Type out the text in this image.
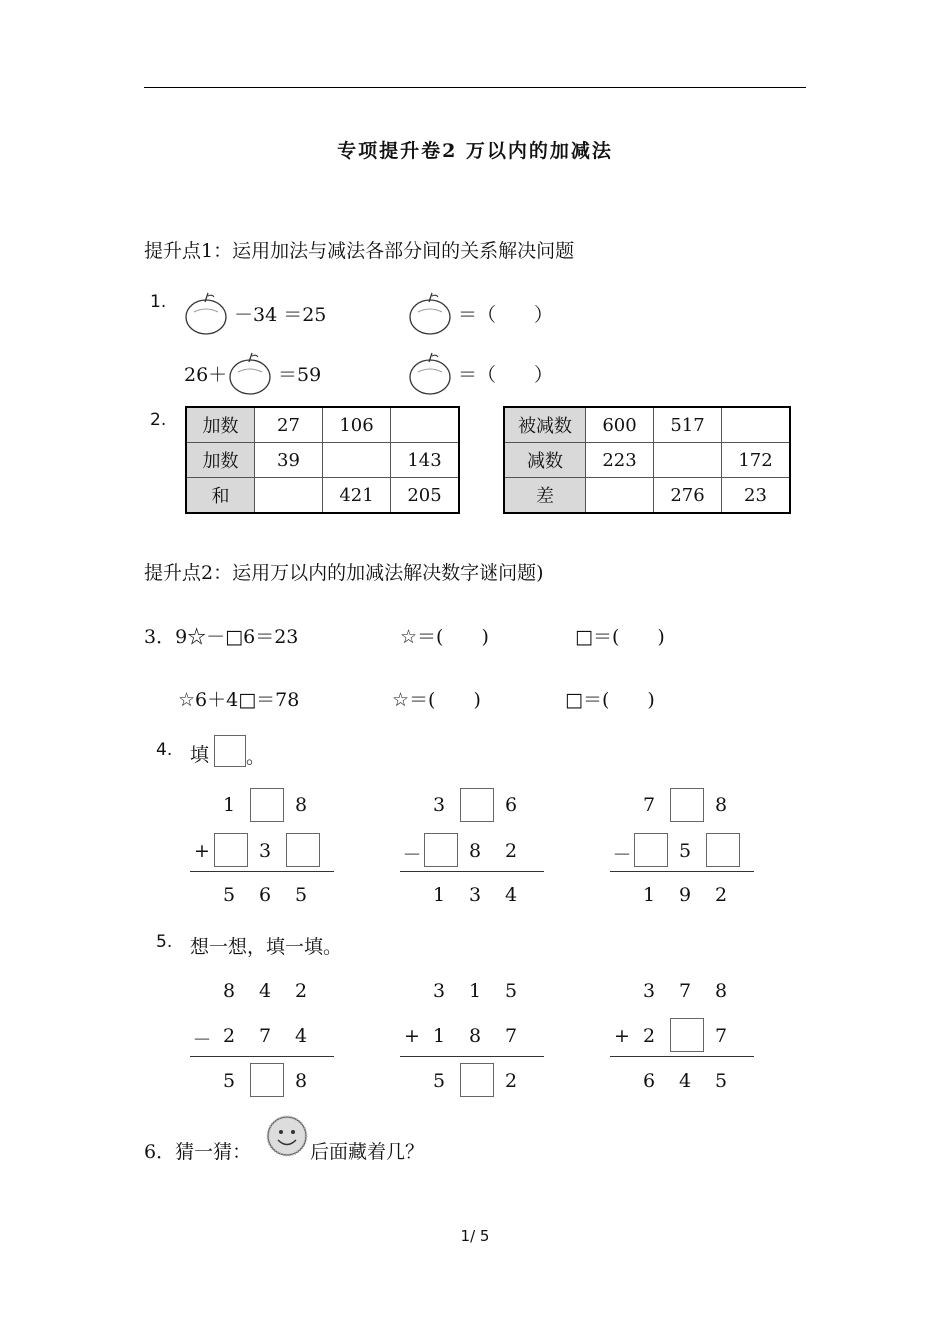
专项提升卷2 万以内的加减法
提升点1：运用加法与减法各部分间的关系解决问题
1.
－34 ＝25	＝（　　）
26＋	＝59	＝（　　）
2. 加数	27	106	
加数	39		143
和		421	205
被减数	600	517	
减数	223		172
差		276	23
提升点2：运用万以内的加减法解决数字谜问题)
3．9☆－□6＝23	☆＝(　　)	□＝(　　)
☆6＋4□＝78	☆＝(　　)	□＝(　　)
4. 填 。
1	8
+	3
5 6 5
3	6
－ 8 2
1 3 4
7	8
－ 5
1 9 2
5. 想一想，填一填。
8 4 2
－ 2 7 4
5	8
3 1 5
+ 1 8 7
5	2
3 7 8
+ 2	7
6 4 5
6．猜一猜：	后面藏着几？
1/ 5
